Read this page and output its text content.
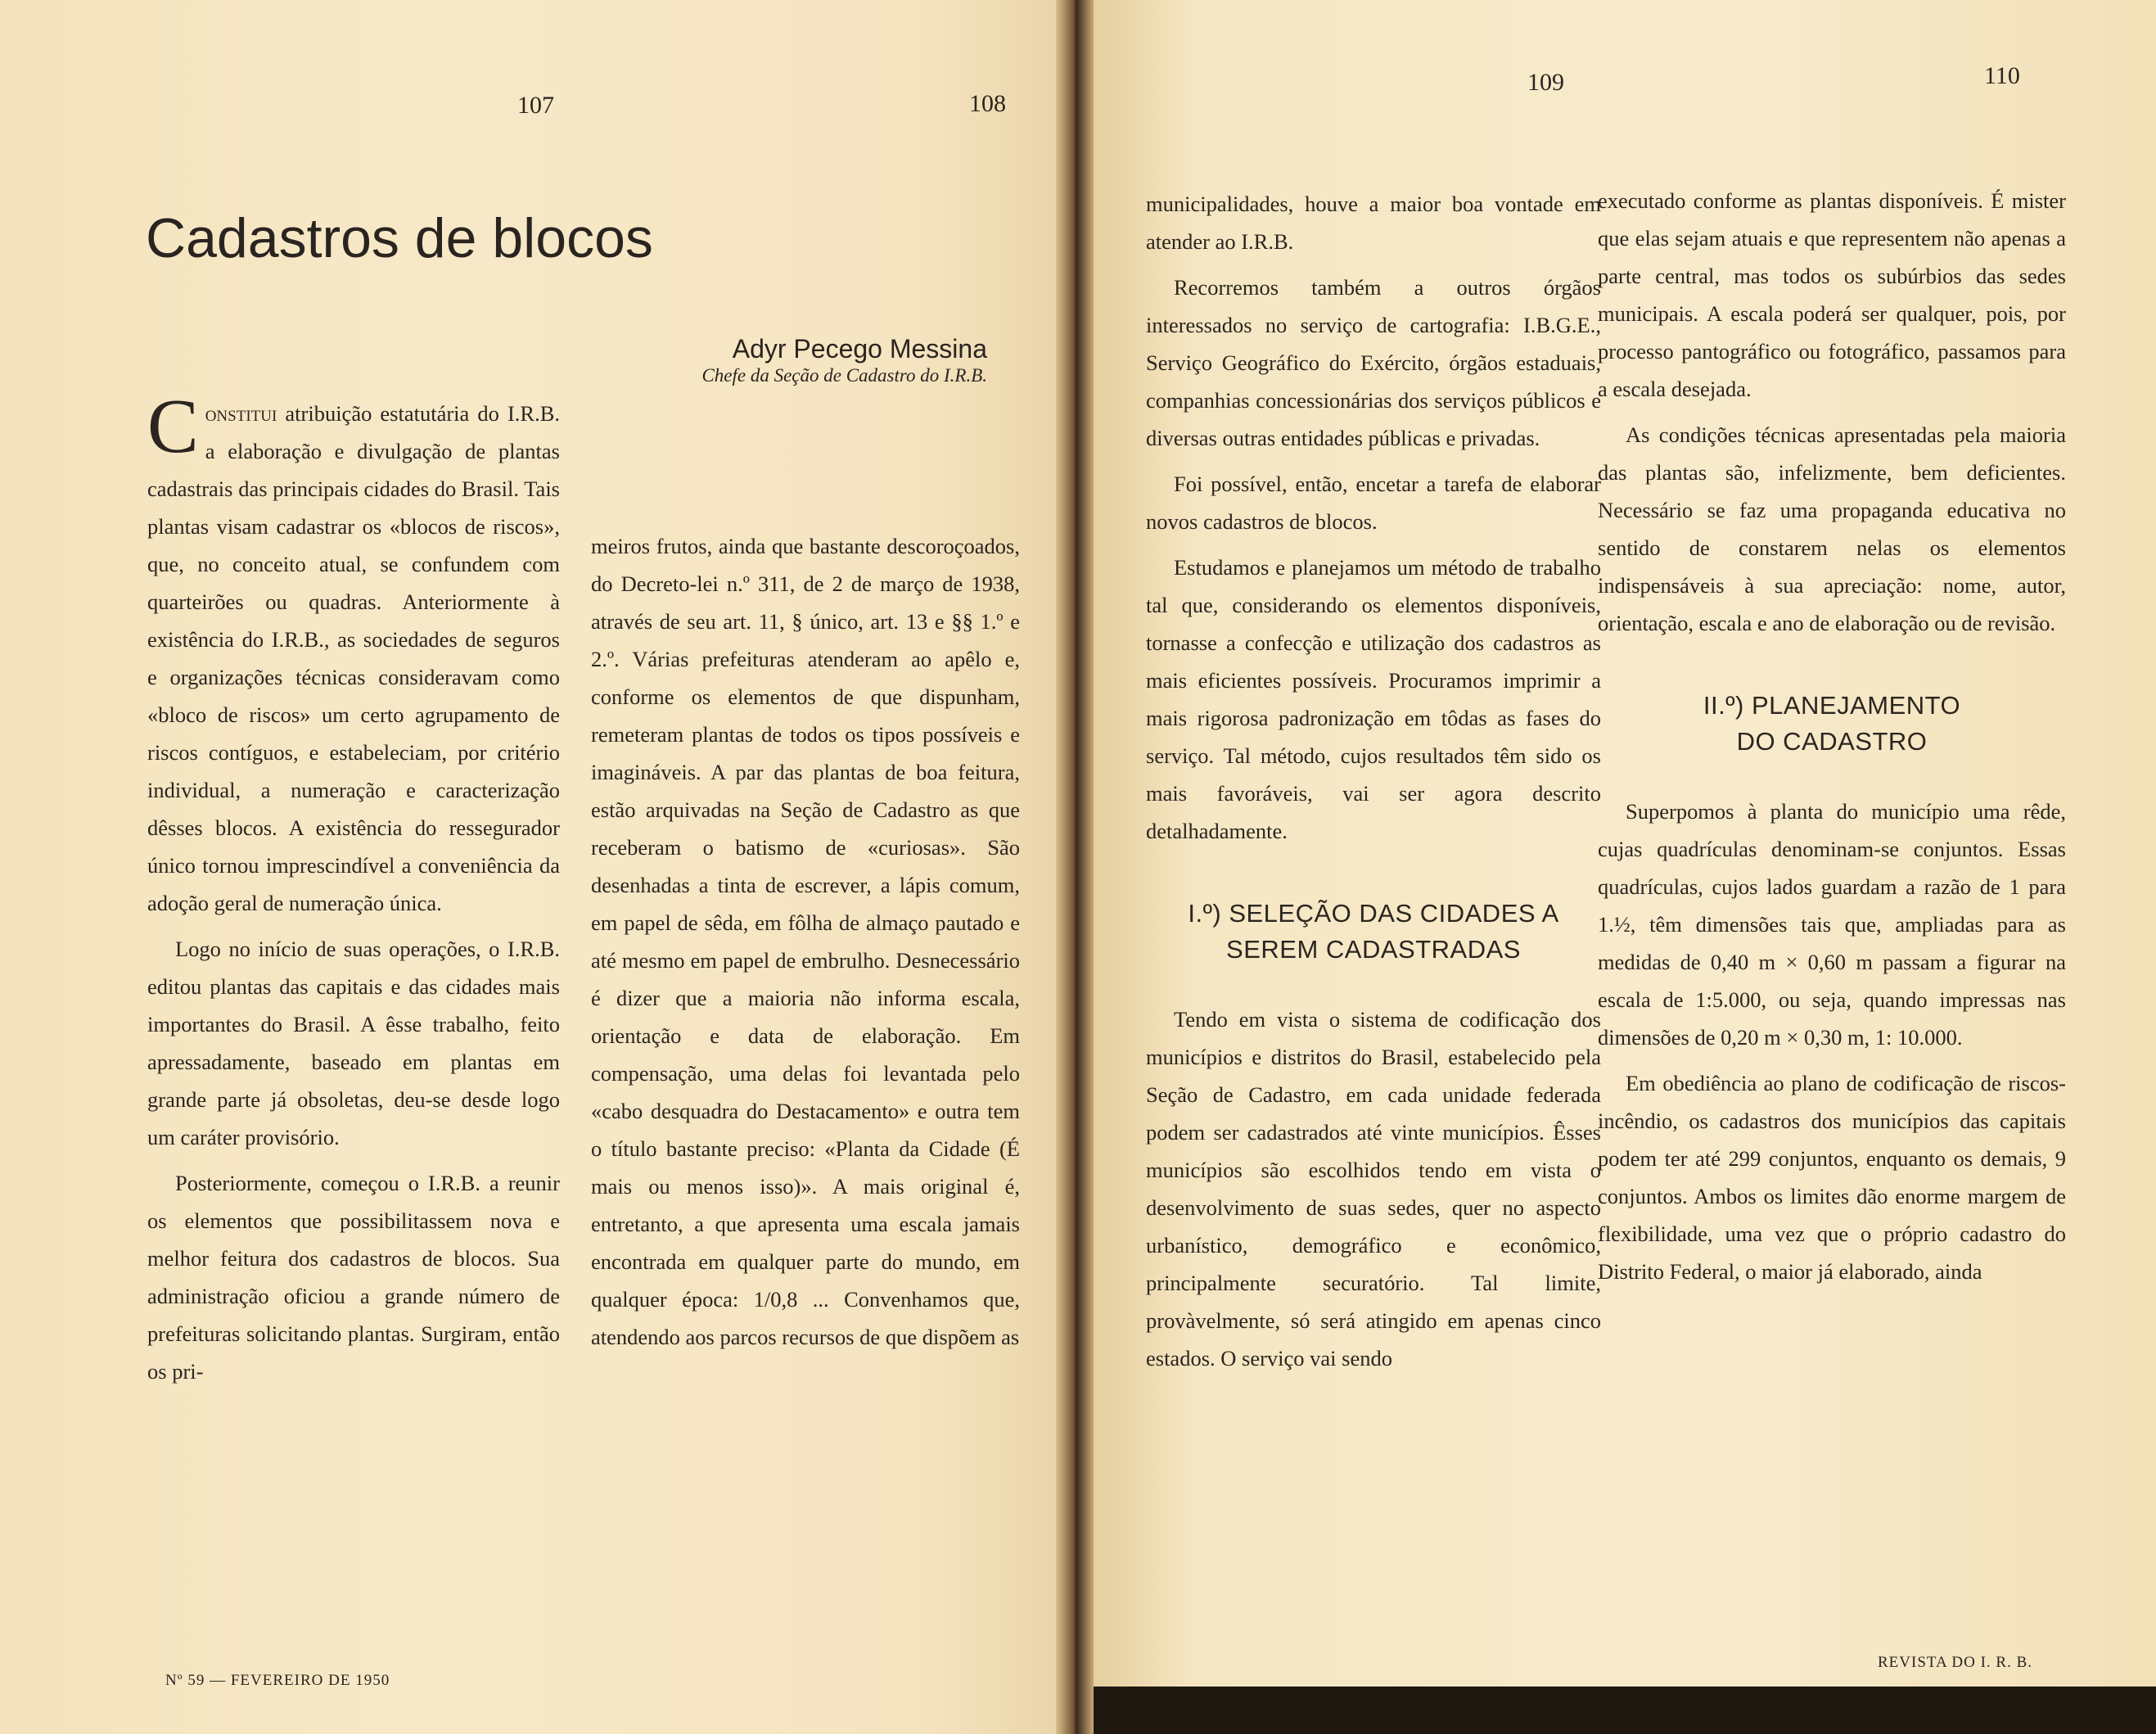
107	108
109	110
Cadastros de blocos
Adyr Pecego Messina
Chefe da Seção de Cadastro do I.R.B.

Constitui atribuição estatutária do I.R.B. a elaboração e divulgação de plantas cadastrais das principais cidades do Brasil. Tais plantas visam cadastrar os «blocos de riscos», que, no conceito atual, se confundem com quarteirões ou quadras. Anteriormente à existência do I.R.B., as sociedades de seguros e organizações técnicas consideravam como «bloco de riscos» um certo agrupamento de riscos contíguos, e estabeleciam, por critério individual, a numeração e caracterização dêsses blocos. A existência do ressegurador único tornou imprescindível a conveniência da adoção geral de numeração única.

Logo no início de suas operações, o I.R.B. editou plantas das capitais e das cidades mais importantes do Brasil. A êsse trabalho, feito apressadamente, baseado em plantas em grande parte já obsoletas, deu-se desde logo um caráter provisório.

Posteriormente, começou o I.R.B. a reunir os elementos que possibilitassem nova e melhor feitura dos cadastros de blocos. Sua administração oficiou a grande número de prefeituras solicitando plantas. Surgiram, então os pri-

meiros frutos, ainda que bastante descoroçoados, do Decreto-lei n.º 311, de 2 de março de 1938, através de seu art. 11, § único, art. 13 e §§ 1.º e 2.º. Várias prefeituras atenderam ao apêlo e, conforme os elementos de que dispunham, remeteram plantas de todos os tipos possíveis e imagináveis. A par das plantas de boa feitura, estão arquivadas na Seção de Cadastro as que receberam o batismo de «curiosas». São desenhadas a tinta de escrever, a lápis comum, em papel de sêda, em fôlha de almaço pautado e até mesmo em papel de embrulho. Desnecessário é dizer que a maioria não informa escala, orientação e data de elaboração. Em compensação, uma delas foi levantada pelo «cabo desquadra do Destacamento» e outra tem o título bastante preciso: «Planta da Cidade (É mais ou menos isso)». A mais original é, entretanto, a que apresenta uma escala jamais encontrada em qualquer parte do mundo, em qualquer época: 1/0,8 ... Convenhamos que, atendendo aos parcos recursos de que dispõem as

municipalidades, houve a maior boa vontade em atender ao I.R.B.

Recorremos também a outros órgãos interessados no serviço de cartografia: I.B.G.E., Serviço Geográfico do Exército, órgãos estaduais, companhias concessionárias dos serviços públicos e diversas outras entidades públicas e privadas.

Foi possível, então, encetar a tarefa de elaborar novos cadastros de blocos.

Estudamos e planejamos um método de trabalho tal que, considerando os elementos disponíveis, tornasse a confecção e utilização dos cadastros as mais eficientes possíveis. Procuramos imprimir a mais rigorosa padronização em tôdas as fases do serviço. Tal método, cujos resultados têm sido os mais favoráveis, vai ser agora descrito detalhadamente.

I.º) SELEÇÃO DAS CIDADES A
SEREM CADASTRADAS

Tendo em vista o sistema de codificação dos municípios e distritos do Brasil, estabelecido pela Seção de Cadastro, em cada unidade federada podem ser cadastrados até vinte municípios. Êsses municípios são escolhidos tendo em vista o desenvolvimento de suas sedes, quer no aspecto urbanístico, demográfico e econômico, principalmente securatório. Tal limite, provàvelmente, só será atingido em apenas cinco estados. O serviço vai sendo

executado conforme as plantas disponíveis. É mister que elas sejam atuais e que representem não apenas a parte central, mas todos os subúrbios das sedes municipais. A escala poderá ser qualquer, pois, por processo pantográfico ou fotográfico, passamos para a escala desejada.

As condições técnicas apresentadas pela maioria das plantas são, infelizmente, bem deficientes. Necessário se faz uma propaganda educativa no sentido de constarem nelas os elementos indispensáveis à sua apreciação: nome, autor, orientação, escala e ano de elaboração ou de revisão.

II.º) PLANEJAMENTO
DO CADASTRO

Superpomos à planta do município uma rêde, cujas quadrículas denominam-se conjuntos. Essas quadrículas, cujos lados guardam a razão de 1 para 1.½, têm dimensões tais que, ampliadas para as medidas de 0,40 m × 0,60 m passam a figurar na escala de 1:5.000, ou seja, quando impressas nas dimensões de 0,20 m × 0,30 m, 1: 10.000.

Em obediência ao plano de codificação de riscos-incêndio, os cadastros dos municípios das capitais podem ter até 299 conjuntos, enquanto os demais, 9 conjuntos. Ambos os limites dão enorme margem de flexibilidade, uma vez que o próprio cadastro do Distrito Federal, o maior já elaborado, ainda

Nº 59 — FEVEREIRO DE 1950
REVISTA DO I. R. B.
